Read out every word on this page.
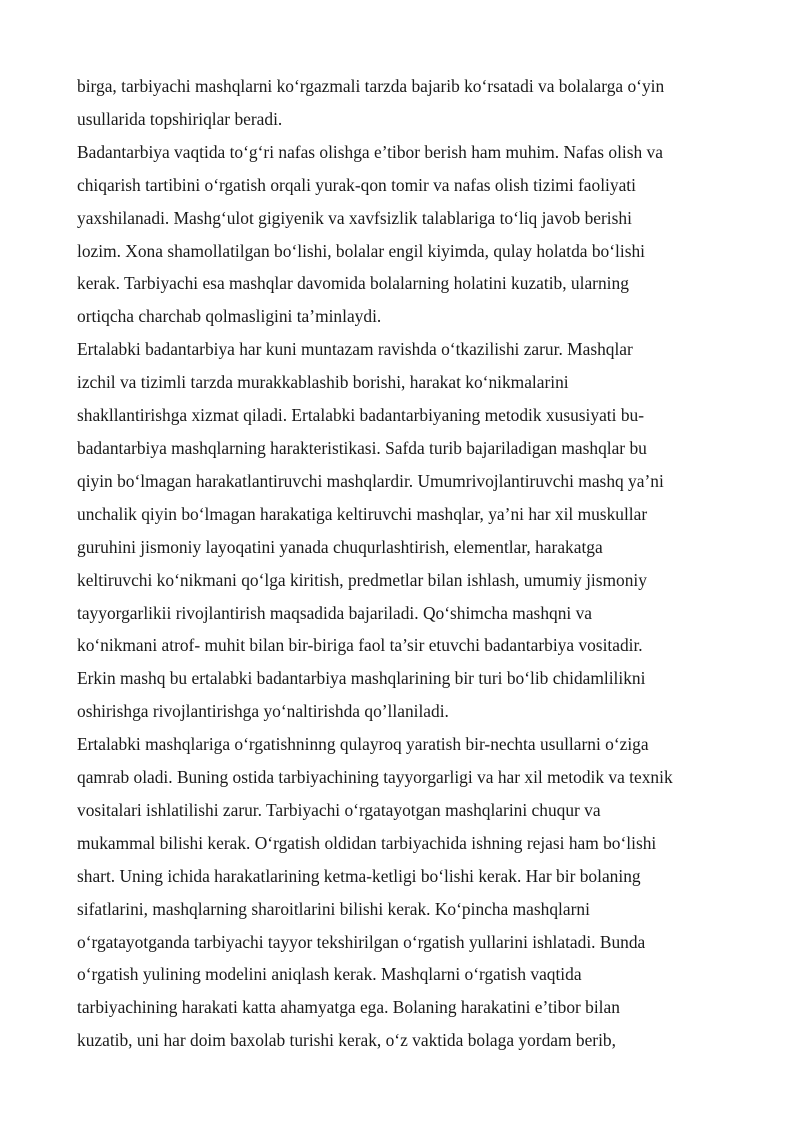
birga, tarbiyachi mashqlarni ko‘rgazmali tarzda bajarib ko‘rsatadi va bolalarga o‘yin
usullarida topshiriqlar beradi.
Badantarbiya vaqtida to‘g‘ri nafas olishga e’tibor berish ham muhim. Nafas olish va
chiqarish tartibini o‘rgatish orqali yurak-qon tomir va nafas olish tizimi faoliyati
yaxshilanadi. Mashg‘ulot gigiyenik va xavfsizlik talablariga to‘liq javob berishi
lozim. Xona shamollatilgan bo‘lishi, bolalar engil kiyimda, qulay holatda bo‘lishi
kerak. Tarbiyachi esa mashqlar davomida bolalarning holatini kuzatib, ularning
ortiqcha charchab qolmasligini ta’minlaydi.
Ertalabki badantarbiya har kuni muntazam ravishda o‘tkazilishi zarur. Mashqlar
izchil va tizimli tarzda murakkablashib borishi, harakat ko‘nikmalarini
shakllantirishga xizmat qiladi. Ertalabki badantarbiyaning metodik xususiyati bu-
badantarbiya mashqlarning harakteristikasi. Safda turib bajariladigan mashqlar bu
qiyin bo‘lmagan harakatlantiruvchi mashqlardir. Umumrivojlantiruvchi mashq ya’ni
unchalik qiyin bo‘lmagan harakatiga keltiruvchi mashqlar, ya’ni har xil muskullar
guruhini jismoniy layoqatini yanada chuqurlashtirish, elementlar, harakatga
keltiruvchi ko‘nikmani qo‘lga kiritish, predmetlar bilan ishlash, umumiy jismoniy
tayyorgarlikii rivojlantirish maqsadida bajariladi. Qo‘shimcha mashqni va
ko‘nikmani atrof- muhit bilan bir-biriga faol ta’sir etuvchi badantarbiya vositadir.
Erkin mashq bu ertalabki badantarbiya mashqlarining bir turi bo‘lib chidamlilikni
oshirishga rivojlantirishga yo‘naltirishda qo’llaniladi.
Ertalabki mashqlariga o‘rgatishninng qulayroq yaratish bir-nechta usullarni o‘ziga
qamrab oladi. Buning ostida tarbiyachining tayyorgarligi va har xil metodik va texnik
vositalari ishlatilishi zarur. Tarbiyachi o‘rgatayotgan mashqlarini chuqur va
mukammal bilishi kerak. O‘rgatish oldidan tarbiyachida ishning rejasi ham bo‘lishi
shart. Uning ichida harakatlarining ketma-ketligi bo‘lishi kerak. Har bir bolaning
sifatlarini, mashqlarning sharoitlarini bilishi kerak. Ko‘pincha mashqlarni
o‘rgatayotganda tarbiyachi tayyor tekshirilgan o‘rgatish yullarini ishlatadi. Bunda
o‘rgatish yulining modelini aniqlash kerak. Mashqlarni o‘rgatish vaqtida
tarbiyachining harakati katta ahamyatga ega. Bolaning harakatini e’tibor bilan
kuzatib, uni har doim baxolab turishi kerak, o‘z vaktida bolaga yordam berib,
